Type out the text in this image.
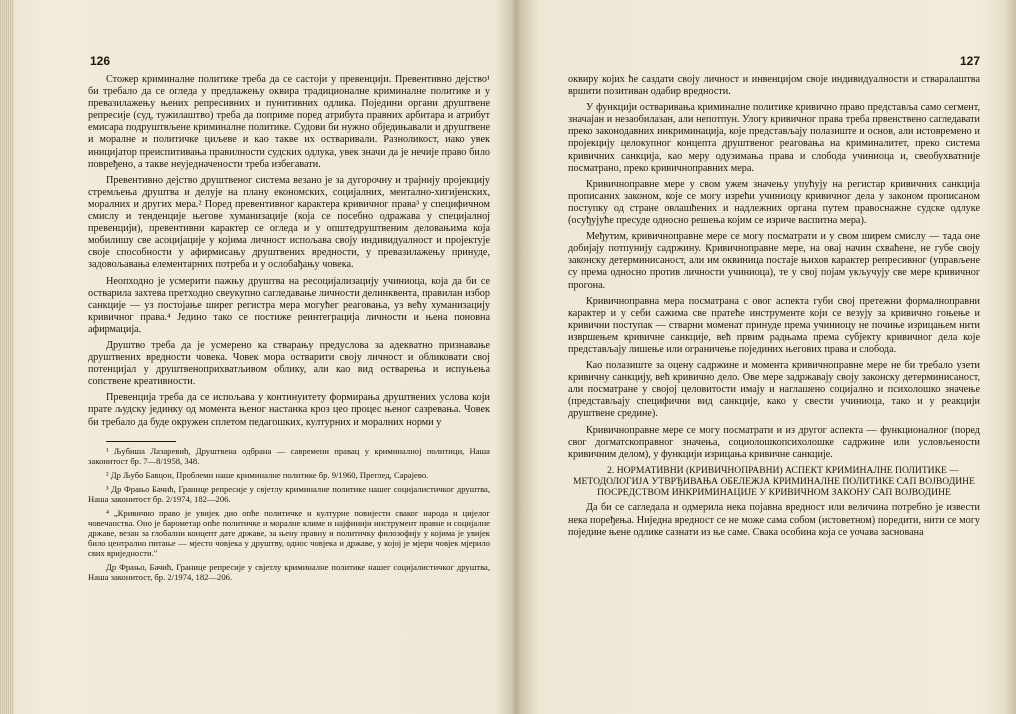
126

Стожер криминалне политике треба да се састоји у превенцији. Превентивно дејство¹ би требало да се огледа у предлажењу оквира традиционалне криминалне политике и у превазилажењу њених репресивних и пунитивних одлика. Поједини органи друштвене репресије (суд, тужилаштво) треба да попримe поред атрибута правних арбитара и атрибут емисара подруштвљене криминалне политике. Судови би нужно обједињавали и друштвене и моралне и политичке циљеве и као такве их остваривали. Разноликост, иако увек иницијатор преиспитивања правилности судских одлука, увек значи да је нечије право било повређено, а такве неуједначености треба избегавати.

Превентивно дејство друштвеног система везано је за дугорочну и трајнију пројекцију стремљења друштва и делује на плану економских, социјалних, ментално-хигијенских, моралних и других мера.² Поред превентивног карактера кривичног права³ у специфичном смислу и тенденције његове хуманизације (која се посебно одражава у специјалној превенцији), превентивни карактер се огледа и у општедруштвеним деловањима која мобилишу све асоцијације у којима личност испољава своју индивидуалност и пројектује своје способности у афирмисању друштвених вредности, у превазилажењу принуде, задовољавања елементарних потреба и у ослобађању човека.

Неопходно је усмерити пажњу друштва на ресоцијализацију учиниоца, која да би се остварила захтева претходно свеукупно сагледавање личности делинквента, правилан избор санкције — уз постојање ширег регистра мера могућег реаговања, уз већу хуманизацију кривичног права.⁴ Једино тако се постиже реинтеграција личности и њена поновна афирмација.

Друштво треба да је усмерено ка стварању предуслова за адекватно признавање друштвених вредности човека. Човек мора остварити своју личност и обликовати свој потенцијал у друштвенoприхватљивом облику, али као вид остварења и испуњења сопствене креативности.

Превенција треба да се испољава у континуитету формирања друштвених услова који прате људску јединку од момента њеног настанка кроз цео процес њеног сазревања. Човек би требало да буде окружен сплетом педагошких, културних и моралних норми у

¹ Љубиша Лазаревић, Друштвена одбрана — савремени правац у криминалној политици, Наша законитост бр. 7—8/1958, 348.

² Др Љубо Бавцон, Проблеми наше криминалне политике бр. 9/1960, Преглед, Сарајево.

³ Др Фрањо Бачић, Границе репресије у свјетлу криминалне политике нашег социјалистичког друштва, Наша законитост бр. 2/1974, 182—206.

⁴ „Кривично право је увијек дио опће политичке и културне повијести сваког народа и цијелог човечанства. Оно је барометар опће политичке и моралне климе и најфинији инструмент правне и социјалне државе, везан за глобални концепт дате државе, за њену правну и политичку филозофију у којима је увијек било централно питање — мјесто човјека у друштву, однос човјека и државе, у којој је мјери човјек мјерило свих вриједности."

Др Фрањо, Бачић, Границе репресије у свјетлу криминалне политике нашег социјалистичког друштва, Наша законитост, бр. 2/1974, 182—206.

127

оквиру којих ће саздати своју личност и инвенцијом своје индивидуалности и стваралаштва вршити позитиван одабир вредности.

У функцији остваривања криминалне политике кривично право представља само сегмент, значајан и незаобилазан, али непотпун. Улогу кривичног права треба првенствено сагледавати преко законодавних инкриминација, које представљају полазиште и основ, али истовремено и пројекцију целокупног концепта друштвеног реаговања на криминалитет, преко система кривичних санкција, као меру одузимања права и слобода учиниоца и, свеобухватније посматрано, преко кривичноправних мера.

Кривичноправне мере у свом ужем значењу упућују на регистар кривичних санкција прописаних законом, које се могу изрећи учиниоцу кривичног дела у законом прописаном поступку од стране овлашћених и надлежних органа путем правоснажне судске одлуке (осуђујуће пресуде односно решења којим се изриче васпитна мера).

Међутим, кривичноправне мере се могу посматрати и у свом ширем смислу — тада оне добијају потпунију садржину. Кривичноправне мере, на овај начин схваћене, не губе своју законску детерминисаност, али им оквиница постаје њихов карактер репресивног (управљене су према односно против личности учиниоца), те у свој појам укључују све мере кривичног прогона.

Кривичноправна мера посматрана с овог аспекта губи свој претежни формалноправни карактер и у себи сажима све пратеће инструменте који се везују за кривично гоњење и кривични поступак — стварни моменат принуде према учиниоцу не почиње изрицањем нити извршењем кривичне санкције, већ првим радњама према субјекту кривичног дела које представљају лишење или ограничење појединих његових права и слобода.

Као полазиште за оцену садржине и момента кривичноправне мере не би требало узети кривичну санкцију, већ кривично дело. Ове мере задржавају своју законску детерминисаност, али посматране у својој целовитости имају и наглашено социјално и психолошко значење (представљају специфични вид санкције, како у свести учиниоца, тако и у реакцији друштвене средине).

Кривичноправне мере се могу посматрати и из другог аспекта — функционалног (поред свог догматскоправног значења, социолошкопсихолошке садржине или условљености кривичним делом), у функцији изрицања кривичне санкције.

2. НОРМАТИВНИ (КРИВИЧНОПРАВНИ) АСПЕКТ КРИМИНАЛНЕ ПОЛИТИКЕ — МЕТОДОЛОГИЈА УТВРЂИВАЊА ОБЕЛЕЖЈА КРИМИНАЛНЕ ПОЛИТИКЕ САП ВОЈВОДИНЕ ПОСРЕДСТВОМ ИНКРИМИНАЦИЈЕ У КРИВИЧНОМ ЗАКОНУ САП ВОЈВОДИНЕ

Да би се сагледала и одмерила нека појавна вредност или величина потребно је извести нека поређења. Ниједна вредност се не може сама собом (истоветном) поредити, нити се могу појединe њене одлике сазнати из ње саме. Свака особина која се уочава заснована
